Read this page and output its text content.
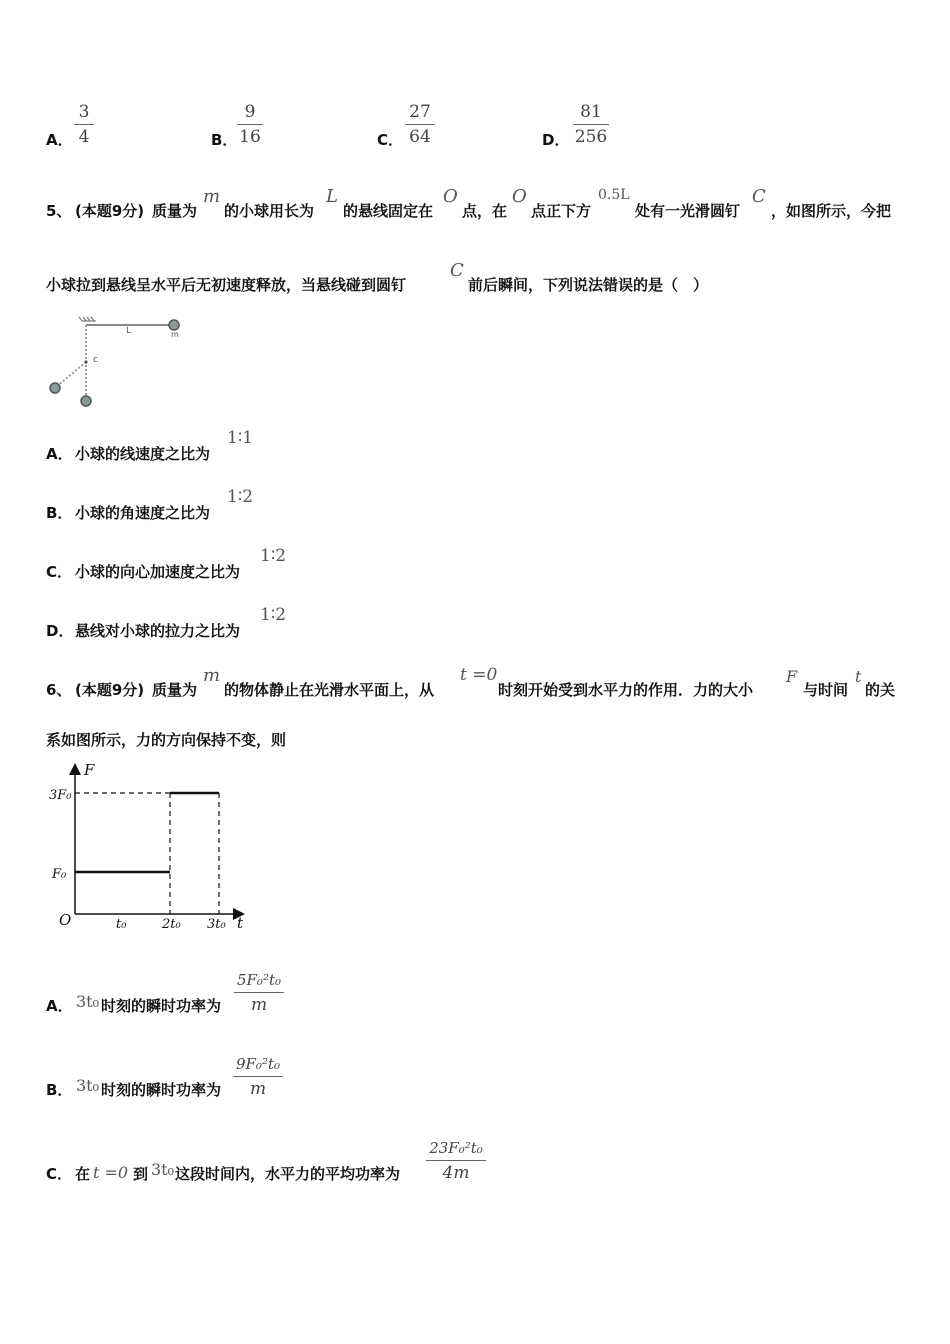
A．
3
4	B．
9
16	C．
27
64	D．
81
256
5、 (本题9分) 质量为
m
的小球用长为
L
的悬线固定在
O
点，在
O
点正下方
0.5L
处有一光滑圆钉
C
，如图所示，今把
小球拉到悬线呈水平后无初速度释放，当悬线碰到圆钉
C
前后瞬间，下列说法错误的是（　）
L	m
c
A． 小球的线速度之比为
1∶1
B． 小球的角速度之比为
1∶2
C． 小球的向心加速度之比为
1∶2
D． 悬线对小球的拉力之比为
1∶2
6、 (本题9分) 质量为
m
的物体静止在光滑水平面上，从
t =0
时刻开始受到水平力的作用．力的大小
F
与时间
t
的关
系如图所示，力的方向保持不变，则
F
t
O
3F₀
F₀
t₀	2t₀ 3t₀
A． 3t₀ 时刻的瞬时功率为
5F₀²t₀
m
B． 3t₀ 时刻的瞬时功率为
9F₀²t₀
m
C． 在 t =0 到 3t₀ 这段时间内，水平力的平均功率为
23F₀²t₀
4m
